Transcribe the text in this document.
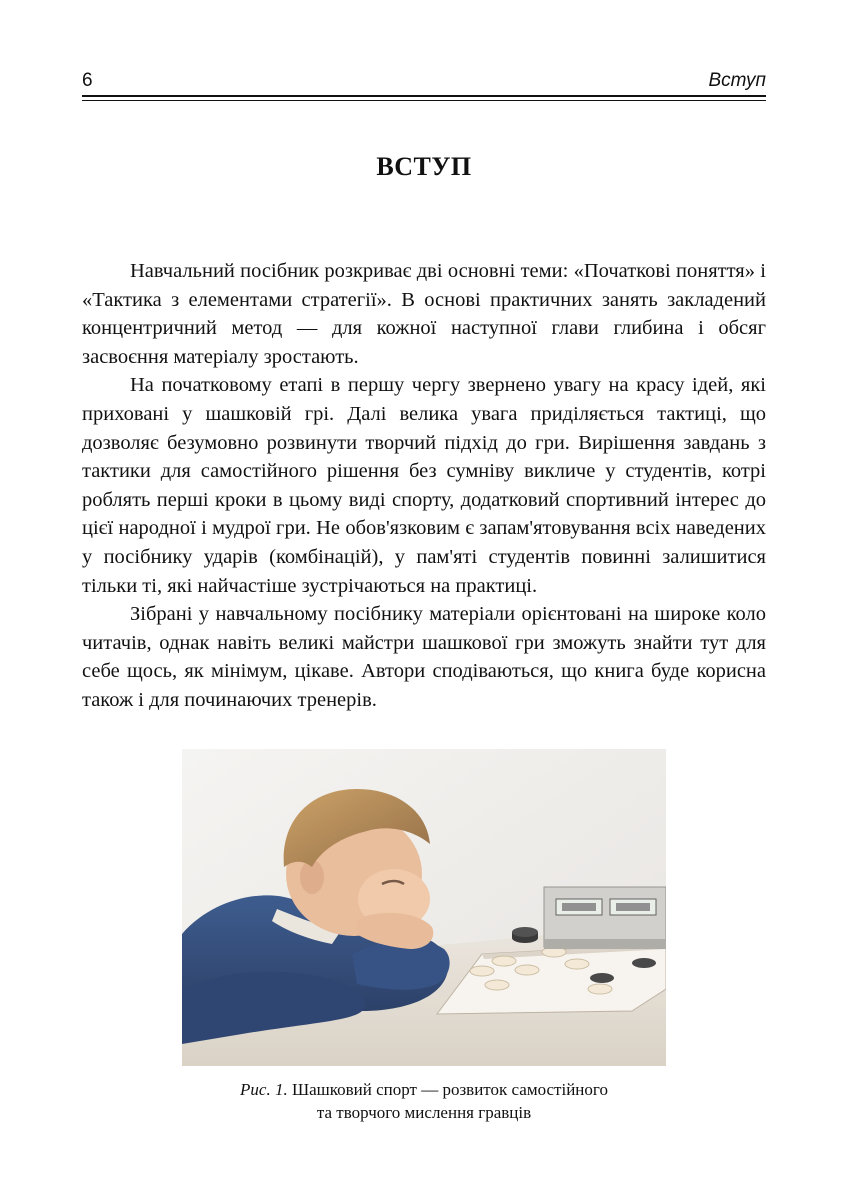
6	Вступ
ВСТУП

Навчальний посібник розкриває дві основні теми: «Початкові поняття» і «Тактика з елементами стратегії». В основі практичних занять закладений концентричний метод — для кожної наступної глави глибина і обсяг засвоєння матеріалу зростають.

На початковому етапі в першу чергу звернено увагу на красу ідей, які приховані у шашковій грі. Далі велика увага приділяється тактиці, що дозволяє безумовно розвинути творчий підхід до гри. Вирішення завдань з тактики для самостійного рішення без сумніву викличе у студентів, котрі роблять перші кроки в цьому виді спорту, додатковий спортивний інтерес до цієї народної і мудрої гри. Не обов'язковим є запам'ятовування всіх наведених у посібнику ударів (комбінацій), у пам'яті студентів повинні залишитися тільки ті, які найчастіше зустрічаються на практиці.

Зібрані у навчальному посібнику матеріали орієнтовані на широке коло читачів, однак навіть великі майстри шашкової гри зможуть знайти тут для себе щось, як мінімум, цікаве. Автори сподіваються, що книга буде корисна також і для починаючих тренерів.

Рис. 1. Шашковий спорт — розвиток самостійного
та творчого мислення гравців
